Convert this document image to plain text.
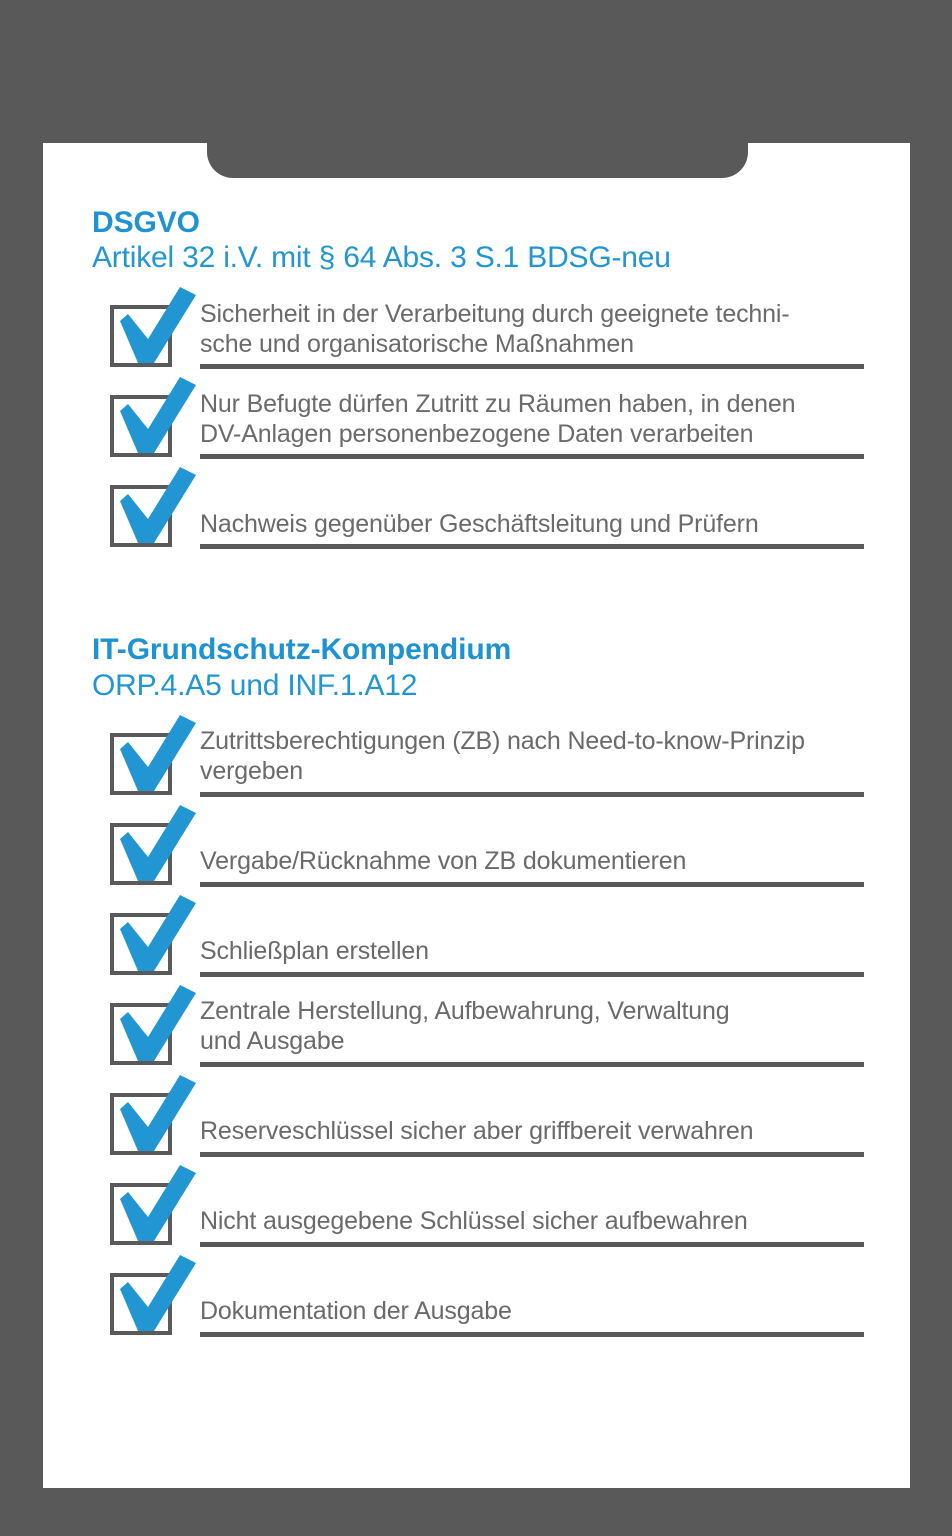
DSGVO
Artikel 32 i.V. mit § 64 Abs. 3 S.1 BDSG-neu
Sicherheit in der Verarbeitung durch geeignete techni-
sche und organisatorische Maßnahmen
Nur Befugte dürfen Zutritt zu Räumen haben, in denen
DV-Anlagen personenbezogene Daten verarbeiten
Nachweis gegenüber Geschäftsleitung und Prüfern
IT-Grundschutz-Kompendium
ORP.4.A5 und INF.1.A12
Zutrittsberechtigungen (ZB) nach Need-to-know-Prinzip
vergeben
Vergabe/Rücknahme von ZB dokumentieren
Schließplan erstellen
Zentrale Herstellung, Aufbewahrung, Verwaltung
und Ausgabe
Reserveschlüssel sicher aber griffbereit verwahren
Nicht ausgegebene Schlüssel sicher aufbewahren
Dokumentation der Ausgabe
